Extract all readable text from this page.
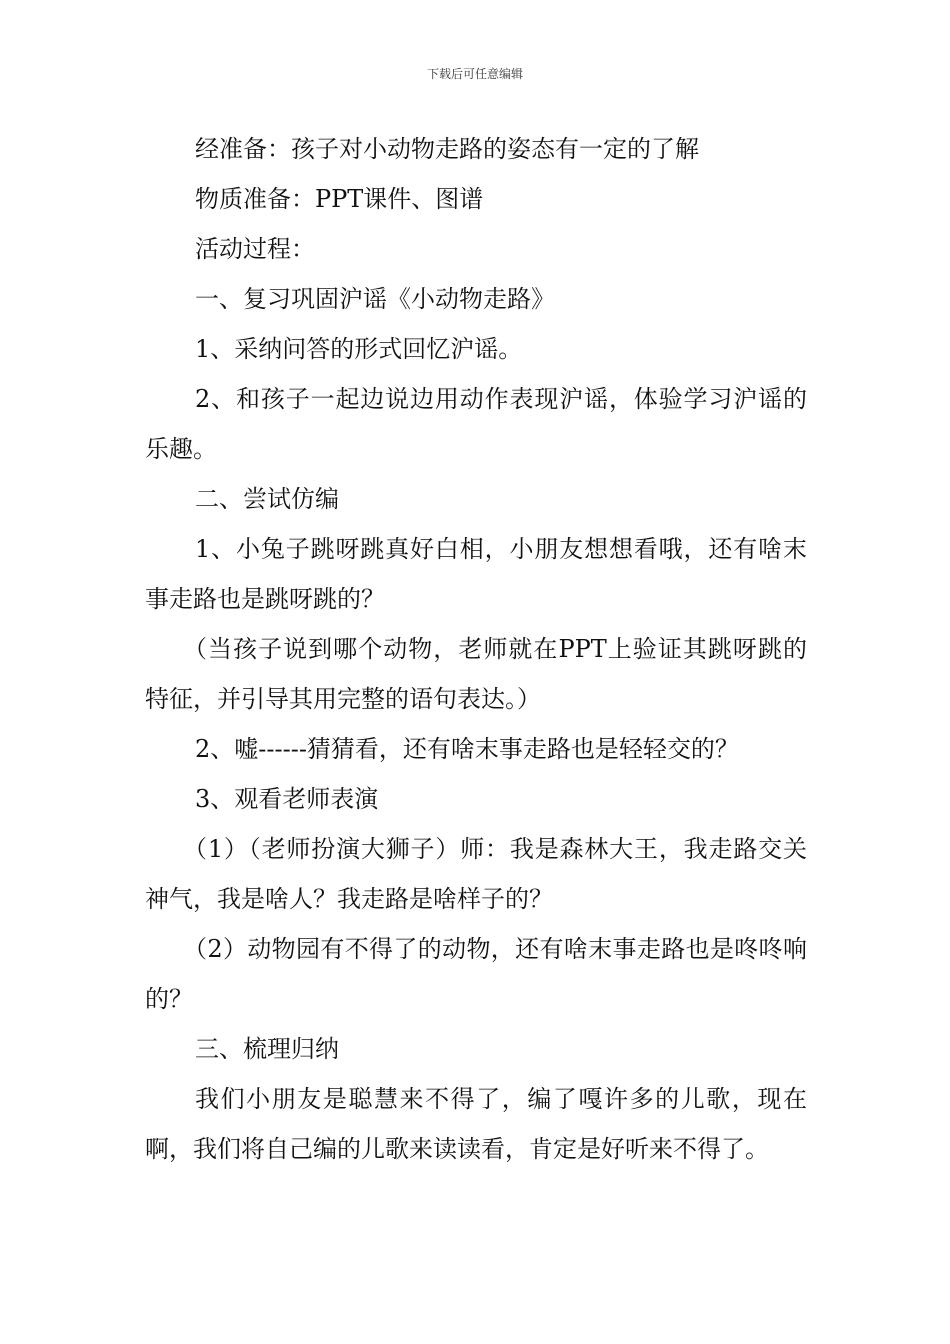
下载后可任意编辑

经准备：孩子对小动物走路的姿态有一定的了解

物质准备：PPT课件、图谱

活动过程：

一、复习巩固沪谣《小动物走路》

1、采纳问答的形式回忆沪谣。

2、和孩子一起边说边用动作表现沪谣，体验学习沪谣的乐趣。

二、尝试仿编

1、小兔子跳呀跳真好白相，小朋友想想看哦，还有啥末事走路也是跳呀跳的？

（当孩子说到哪个动物，老师就在PPT上验证其跳呀跳的特征，并引导其用完整的语句表达。）

2、嘘------猜猜看，还有啥末事走路也是轻轻交的？

3、观看老师表演

（1）（老师扮演大狮子）师：我是森林大王，我走路交关神气，我是啥人？我走路是啥样子的？

（2）动物园有不得了的动物，还有啥末事走路也是咚咚响的？

三、梳理归纳

我们小朋友是聪慧来不得了，编了嘎许多的儿歌，现在啊，我们将自己编的儿歌来读读看，肯定是好听来不得了。
